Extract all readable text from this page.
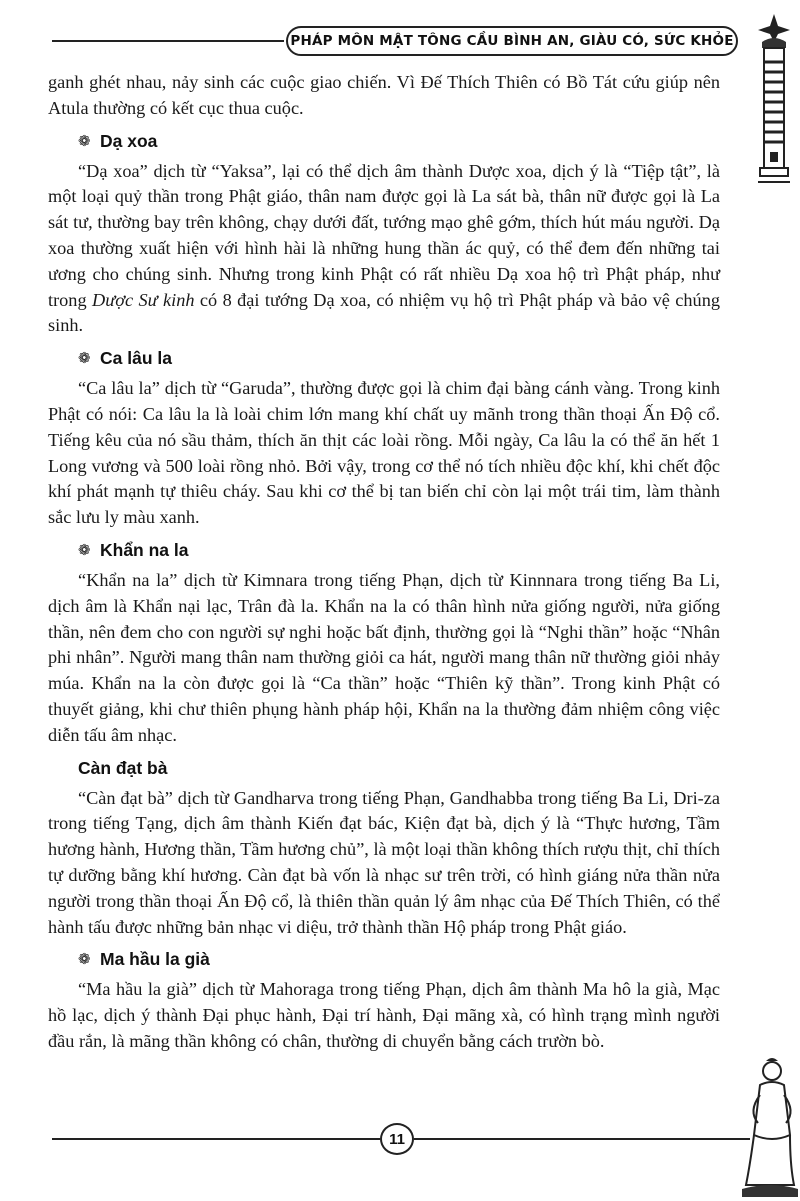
PHÁP MÔN MẬT TÔNG CẦU BÌNH AN, GIÀU CÓ, SỨC KHỎE

ganh ghét nhau, nảy sinh các cuộc giao chiến. Vì Đế Thích Thiên có Bồ Tát cứu giúp nên Atula thường có kết cục thua cuộc.

❁ Dạ xoa

“Dạ xoa” dịch từ “Yaksa”, lại có thể dịch âm thành Dược xoa, dịch ý là “Tiệp tật”, là một loại quỷ thần trong Phật giáo, thân nam được gọi là La sát bà, thân nữ được gọi là La sát tư, thường bay trên không, chạy dưới đất, tướng mạo ghê gớm, thích hút máu người. Dạ xoa thường xuất hiện với hình hài là những hung thần ác quỷ, có thể đem đến những tai ương cho chúng sinh. Nhưng trong kinh Phật có rất nhiều Dạ xoa hộ trì Phật pháp, như trong Dược Sư kinh có 8 đại tướng Dạ xoa, có nhiệm vụ hộ trì Phật pháp và bảo vệ chúng sinh.

❁ Ca lâu la

“Ca lâu la” dịch từ “Garuda”, thường được gọi là chim đại bàng cánh vàng. Trong kinh Phật có nói: Ca lâu la là loài chim lớn mang khí chất uy mãnh trong thần thoại Ấn Độ cổ. Tiếng kêu của nó sầu thảm, thích ăn thịt các loài rồng. Mỗi ngày, Ca lâu la có thể ăn hết 1 Long vương và 500 loài rồng nhỏ. Bởi vậy, trong cơ thể nó tích nhiều độc khí, khi chết độc khí phát mạnh tự thiêu cháy. Sau khi cơ thể bị tan biến chỉ còn lại một trái tim, làm thành sắc lưu ly màu xanh.

❁ Khẩn na la

“Khẩn na la” dịch từ Kimnara trong tiếng Phạn, dịch từ Kinnnara trong tiếng Ba Li, dịch âm là Khẩn nại lạc, Trân đà la. Khẩn na la có thân hình nửa giống người, nửa giống thần, nên đem cho con người sự nghi hoặc bất định, thường gọi là “Nghi thần” hoặc “Nhân phi nhân”. Người mang thân nam thường giỏi ca hát, người mang thân nữ thường giỏi nhảy múa. Khẩn na la còn được gọi là “Ca thần” hoặc “Thiên kỹ thần”. Trong kinh Phật có thuyết giảng, khi chư thiên phụng hành pháp hội, Khẩn na la thường đảm nhiệm công việc diễn tấu âm nhạc.

Càn đạt bà

“Càn đạt bà” dịch từ Gandharva trong tiếng Phạn, Gandhabba trong tiếng Ba Li, Dri-za trong tiếng Tạng, dịch âm thành Kiến đạt bác, Kiện đạt bà, dịch ý là “Thực hương, Tầm hương hành, Hương thần, Tầm hương chủ”, là một loại thần không thích rượu thịt, chỉ thích tự dưỡng bằng khí hương. Càn đạt bà vốn là nhạc sư trên trời, có hình giáng nửa thần nửa người trong thần thoại Ấn Độ cổ, là thiên thần quản lý âm nhạc của Đế Thích Thiên, có thể hành tấu được những bản nhạc vi diệu, trở thành thần Hộ pháp trong Phật giáo.

❁ Ma hầu la già

“Ma hầu la già” dịch từ Mahoraga trong tiếng Phạn, dịch âm thành Ma hô la già, Mạc hồ lạc, dịch ý thành Đại phục hành, Đại trí hành, Đại mãng xà, có hình trạng mình người đầu rắn, là mãng thần không có chân, thường di chuyển bằng cách trườn bò.

11
